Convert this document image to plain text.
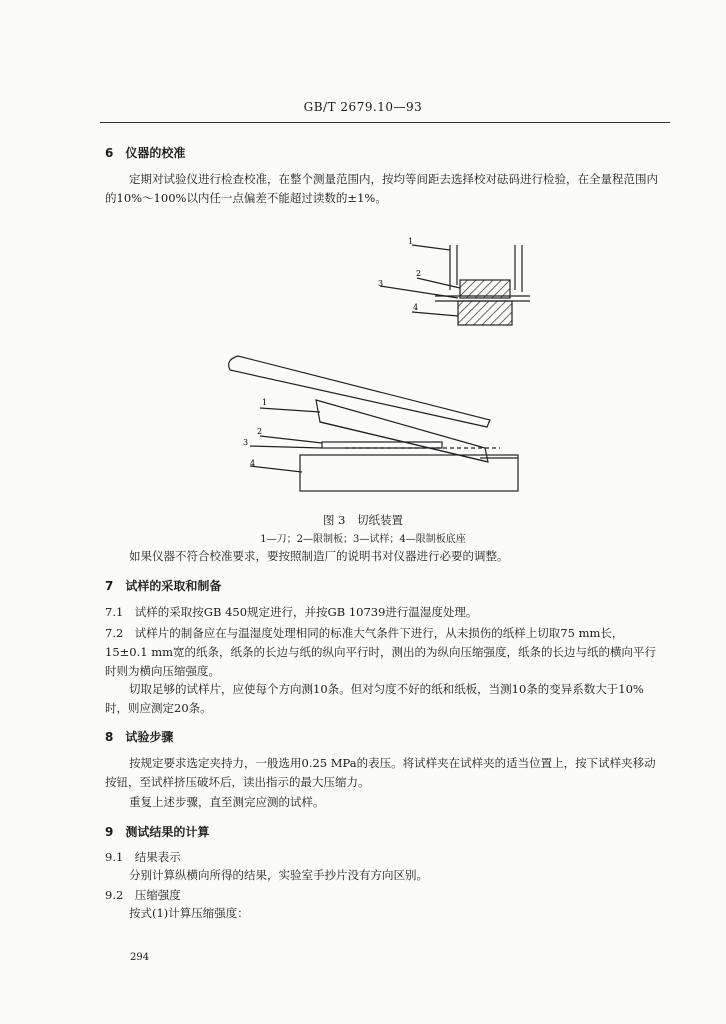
GB/T 2679.10—93
6　仪器的校准
定期对试验仪进行检查校准，在整个测量范围内，按均等间距去选择校对砝码进行检验，在全量程范围内的10%～100%以内任一点偏差不能超过读数的±1%。
1
2
3
4
1
2
3
4
图 3　切纸装置
1—刀；2—限制板；3—试样；4—限制板底座
如果仪器不符合校准要求，要按照制造厂的说明书对仪器进行必要的调整。
7　试样的采取和制备
7.1　试样的采取按GB 450规定进行，并按GB 10739进行温湿度处理。
7.2　试样片的制备应在与温湿度处理相同的标准大气条件下进行，从未损伤的纸样上切取75 mm长，15±0.1 mm宽的纸条，纸条的长边与纸的纵向平行时，测出的为纵向压缩强度，纸条的长边与纸的横向平行时则为横向压缩强度。
切取足够的试样片，应使每个方向测10条。但对匀度不好的纸和纸板，当测10条的变异系数大于10%时，则应测定20条。
8　试验步骤
按规定要求选定夹持力，一般选用0.25 MPa的表压。将试样夹在试样夹的适当位置上，按下试样夹移动按钮，至试样挤压破坏后，读出指示的最大压缩力。
重复上述步骤，直至测完应测的试样。
9　测试结果的计算
9.1　结果表示
分别计算纵横向所得的结果，实验室手抄片没有方向区别。
9.2　压缩强度
按式(1)计算压缩强度：
294
